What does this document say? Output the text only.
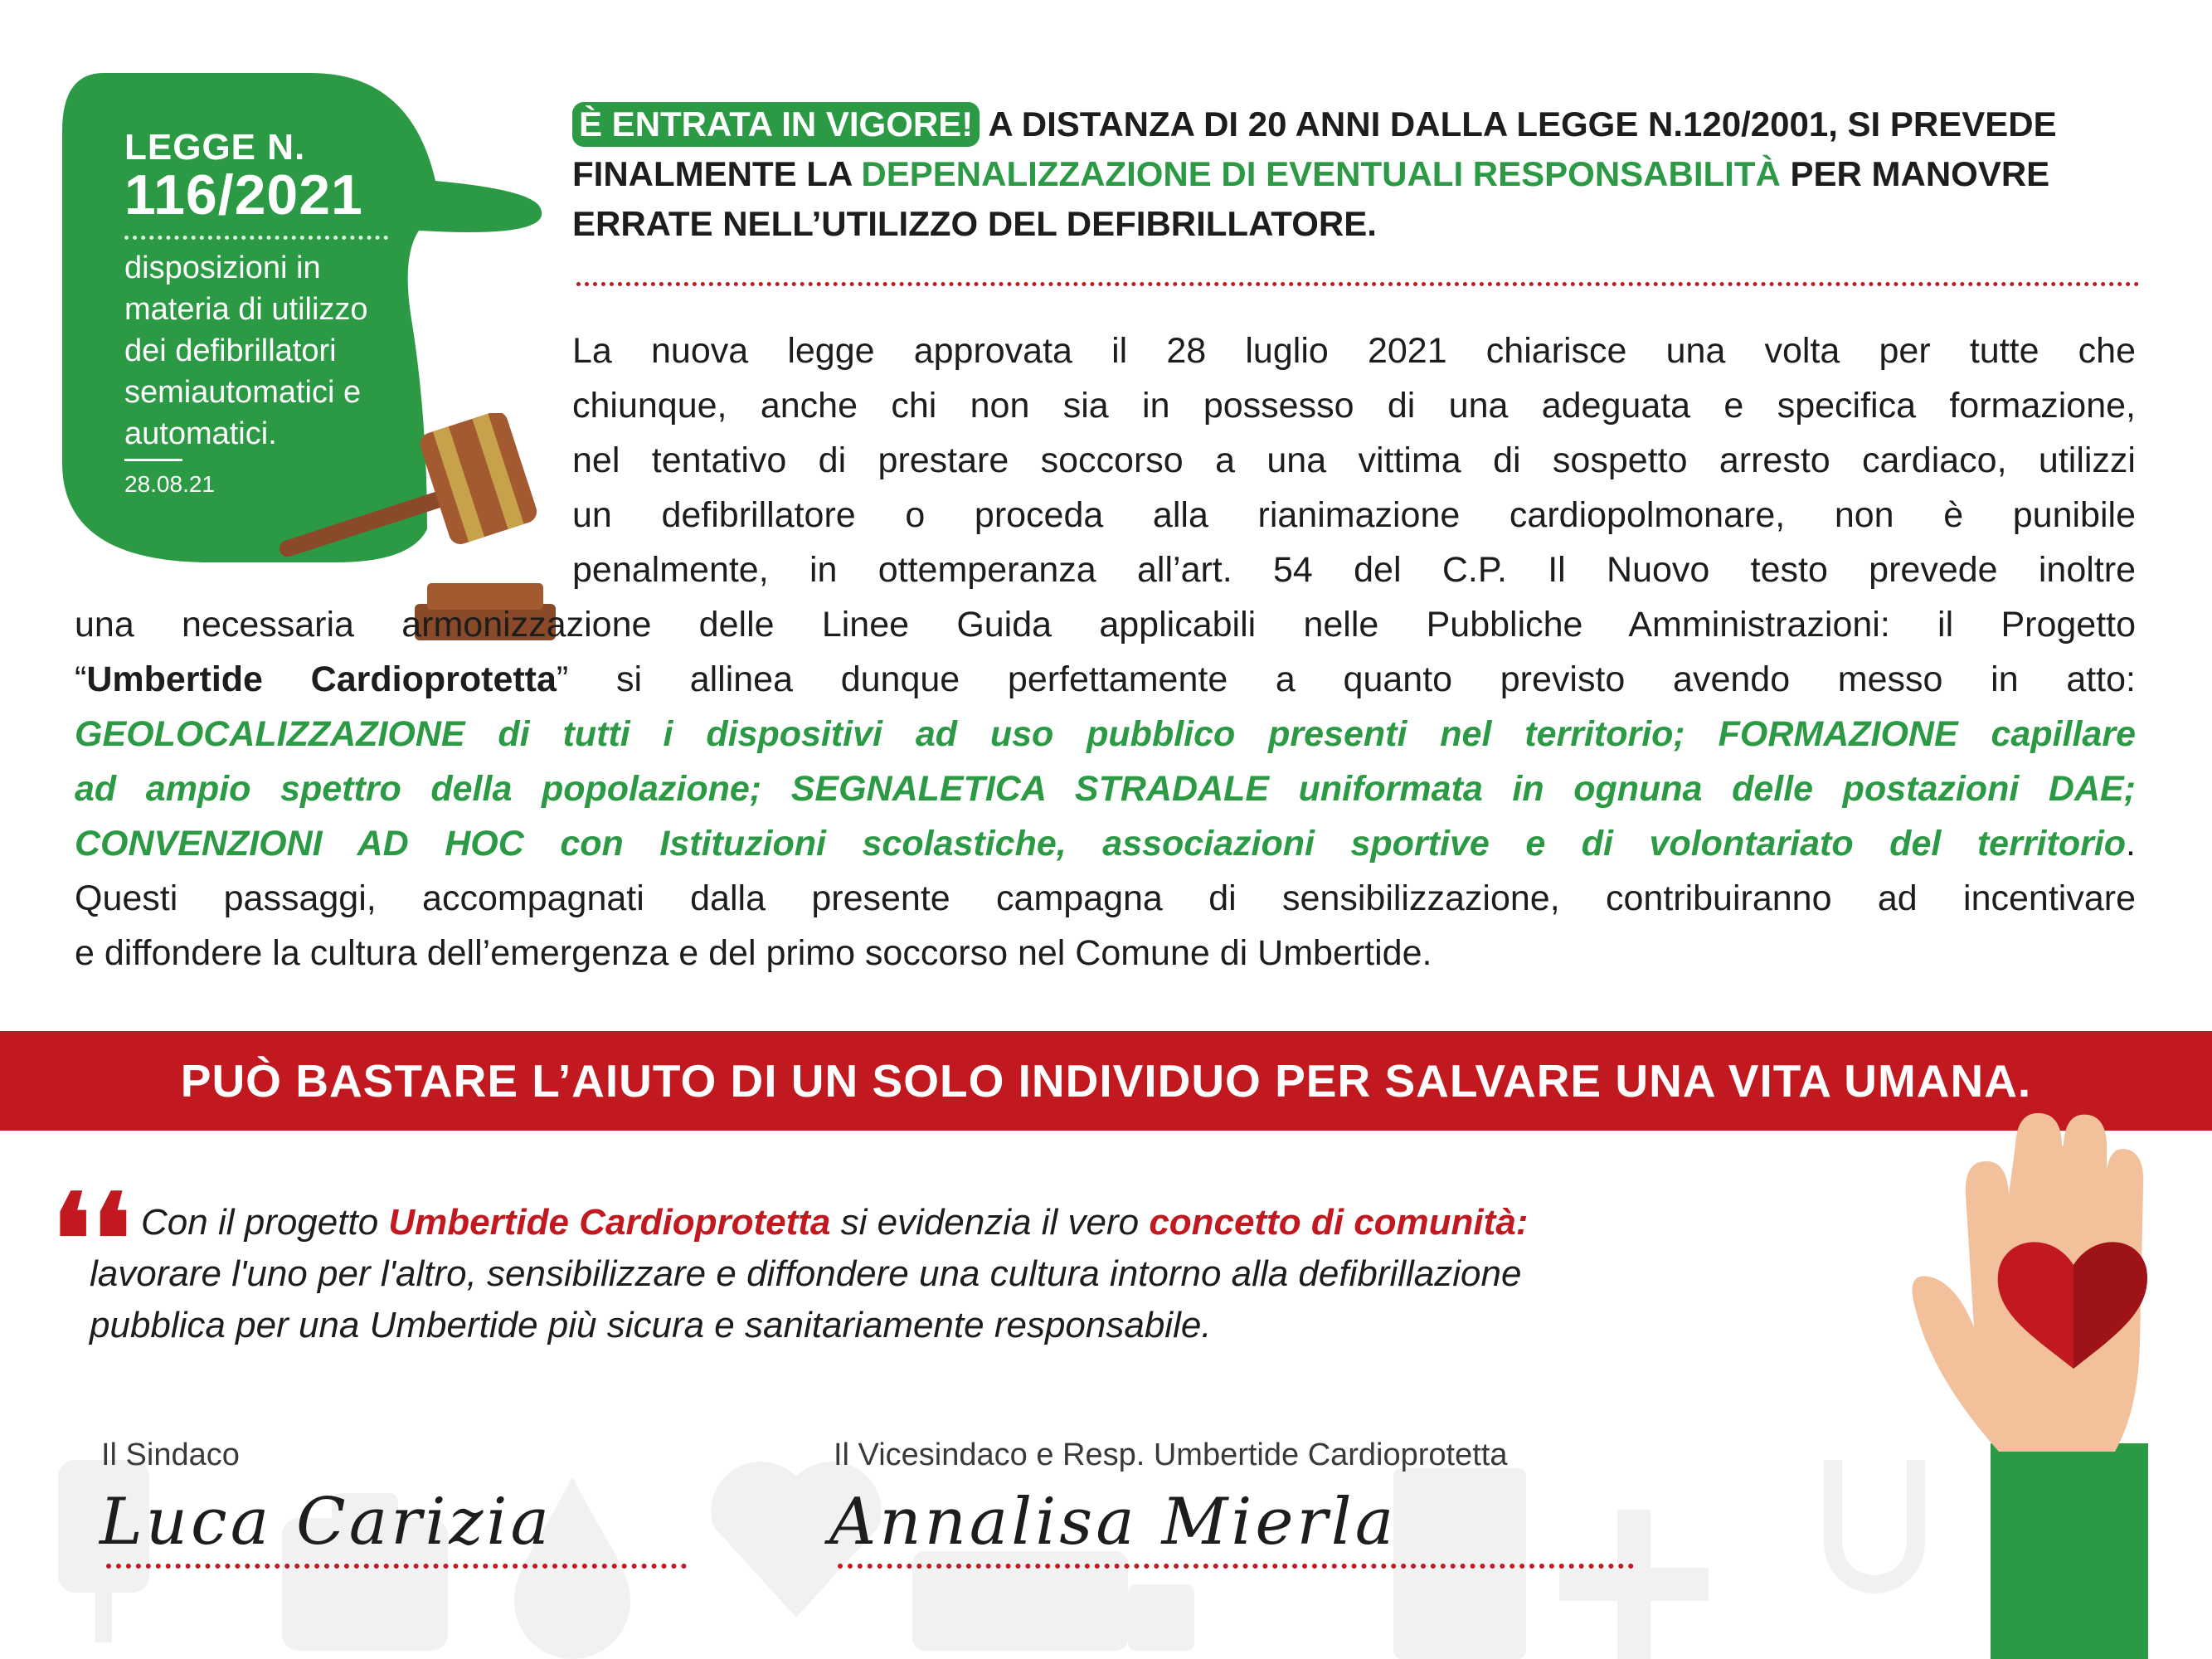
LEGGE N.
116/2021
disposizioni in materia di utilizzo dei defibrillatori semiautomatici e automatici.
28.08.21
È ENTRATA IN VIGORE! A DISTANZA DI 20 ANNI DALLA LEGGE N.120/2001, SI PREVEDE FINALMENTE LA DEPENALIZZAZIONE DI EVENTUALI RESPONSABILITÀ PER MANOVRE ERRATE NELL’UTILIZZO DEL DEFIBRILLATORE.
La nuova legge approvata il 28 luglio 2021 chiarisce una volta per tutte che
chiunque, anche chi non sia in possesso di una adeguata e specifica formazione,
nel tentativo di prestare soccorso a una vittima di sospetto arresto cardiaco, utilizzi
un defibrillatore o proceda alla rianimazione cardiopolmonare, non è punibile
penalmente, in ottemperanza all’art. 54 del C.P. Il Nuovo testo prevede inoltre
una necessaria armonizzazione delle Linee Guida applicabili nelle Pubbliche Amministrazioni: il Progetto
“Umbertide Cardioprotetta” si allinea dunque perfettamente a quanto previsto avendo messo in atto:
GEOLOCALIZZAZIONE di tutti i dispositivi ad uso pubblico presenti nel territorio; FORMAZIONE capillare
ad ampio spettro della popolazione; SEGNALETICA STRADALE uniformata in ognuna delle postazioni DAE;
CONVENZIONI AD HOC con Istituzioni scolastiche, associazioni sportive e di volontariato del territorio.
Questi passaggi, accompagnati dalla presente campagna di sensibilizzazione, contribuiranno ad incentivare
e diffondere la cultura dell’emergenza e del primo soccorso nel Comune di Umbertide.
PUÒ BASTARE L’AIUTO DI UN SOLO INDIVIDUO PER SALVARE UNA VITA UMANA.
❛❛ Con il progetto Umbertide Cardioprotetta si evidenzia il vero concetto di comunità:
lavorare l'uno per l'altro, sensibilizzare e diffondere una cultura intorno alla defibrillazione
pubblica per una Umbertide più sicura e sanitariamente responsabile.
Il Sindaco
Luca Carizia
Il Vicesindaco e Resp. Umbertide Cardioprotetta
Annalisa Mierla
